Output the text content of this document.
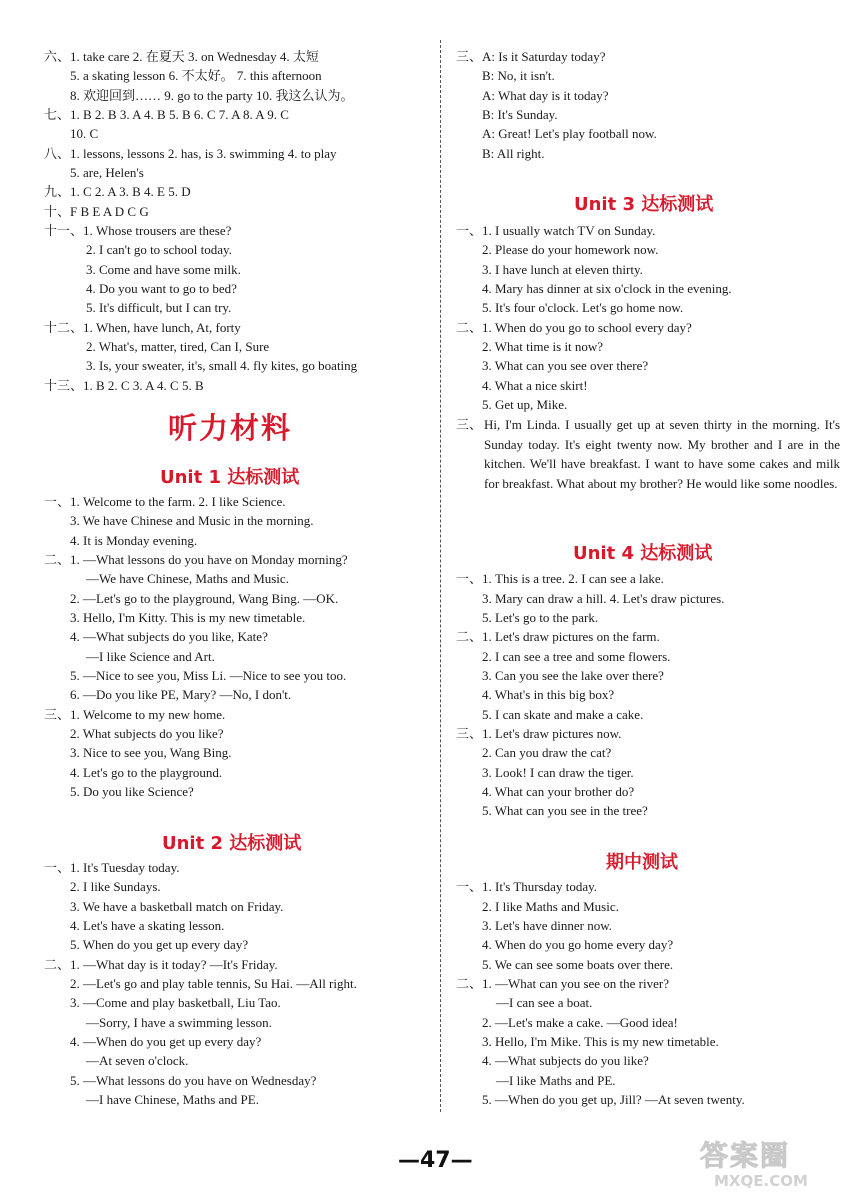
六、1. take care 2. 在夏天 3. on Wednesday 4. 太短
5. a skating lesson 6. 不太好。 7. this afternoon
8. 欢迎回到…… 9. go to the party 10. 我这么认为。
七、1. B 2. B 3. A 4. B 5. B 6. C 7. A 8. A 9. C
10. C
八、1. lessons, lessons 2. has, is 3. swimming 4. to play
5. are, Helen's
九、1. C 2. A 3. B 4. E 5. D
十、F B E A D C G
十一、1. Whose trousers are these?
2. I can't go to school today.
3. Come and have some milk.
4. Do you want to go to bed?
5. It's difficult, but I can try.
十二、1. When, have lunch, At, forty
2. What's, matter, tired, Can I, Sure
3. Is, your sweater, it's, small 4. fly kites, go boating
十三、1. B 2. C 3. A 4. C 5. B
听力材料
Unit 1 达标测试
一、1. Welcome to the farm. 2. I like Science.
3. We have Chinese and Music in the morning.
4. It is Monday evening.
二、1. —What lessons do you have on Monday morning?
—We have Chinese, Maths and Music.
2. —Let's go to the playground, Wang Bing. —OK.
3. Hello, I'm Kitty. This is my new timetable.
4. —What subjects do you like, Kate?
—I like Science and Art.
5. —Nice to see you, Miss Li. —Nice to see you too.
6. —Do you like PE, Mary? —No, I don't.
三、1. Welcome to my new home.
2. What subjects do you like?
3. Nice to see you, Wang Bing.
4. Let's go to the playground.
5. Do you like Science?
Unit 2 达标测试
一、1. It's Tuesday today.
2. I like Sundays.
3. We have a basketball match on Friday.
4. Let's have a skating lesson.
5. When do you get up every day?
二、1. —What day is it today? —It's Friday.
2. —Let's go and play table tennis, Su Hai. —All right.
3. —Come and play basketball, Liu Tao.
—Sorry, I have a swimming lesson.
4. —When do you get up every day?
—At seven o'clock.
5. —What lessons do you have on Wednesday?
—I have Chinese, Maths and PE.
三、A: Is it Saturday today?
B: No, it isn't.
A: What day is it today?
B: It's Sunday.
A: Great! Let's play football now.
B: All right.
Unit 3 达标测试
一、1. I usually watch TV on Sunday.
2. Please do your homework now.
3. I have lunch at eleven thirty.
4. Mary has dinner at six o'clock in the evening.
5. It's four o'clock. Let's go home now.
二、1. When do you go to school every day?
2. What time is it now?
3. What can you see over there?
4. What a nice skirt!
5. Get up, Mike.
三、 Hi, I'm Linda. I usually get up at seven thirty in the morning. It's Sunday today. It's eight twenty now. My brother and I are in the kitchen. We'll have breakfast. I want to have some cakes and milk for breakfast. What about my brother? He would like some noodles.
Unit 4 达标测试
一、1. This is a tree. 2. I can see a lake.
3. Mary can draw a hill. 4. Let's draw pictures.
5. Let's go to the park.
二、1. Let's draw pictures on the farm.
2. I can see a tree and some flowers.
3. Can you see the lake over there?
4. What's in this big box?
5. I can skate and make a cake.
三、1. Let's draw pictures now.
2. Can you draw the cat?
3. Look! I can draw the tiger.
4. What can your brother do?
5. What can you see in the tree?
期中测试
一、1. It's Thursday today.
2. I like Maths and Music.
3. Let's have dinner now.
4. When do you go home every day?
5. We can see some boats over there.
二、1. —What can you see on the river?
—I can see a boat.
2. —Let's make a cake. —Good idea!
3. Hello, I'm Mike. This is my new timetable.
4. —What subjects do you like?
—I like Maths and PE.
5. —When do you get up, Jill? —At seven twenty.
—47—	答案圈
MXQE.COM
